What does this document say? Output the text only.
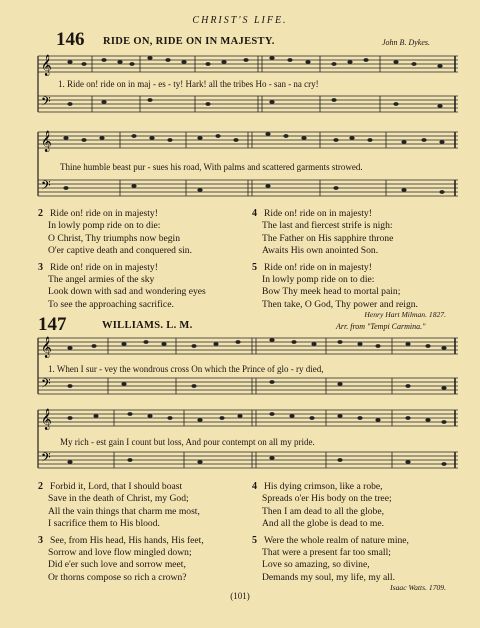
CHRIST'S LIFE.
146 RIDE ON, RIDE ON IN MAJESTY.	John B. Dykes.
𝄞
𝄢
1. Ride on! ride on in maj - es - ty! Hark! all the tribes Ho - san - na cry!
𝄞
𝄢
Thine humble beast pur - sues his road, With palms and scattered garments strowed.
2 Ride on! ride on in majesty!
In lowly pomp ride on to die:
O Christ, Thy triumphs now begin
O'er captive death and conquered sin.
3 Ride on! ride on in majesty!
The angel armies of the sky
Look down with sad and wondering eyes
To see the approaching sacrifice.
4 Ride on! ride on in majesty!
The last and fiercest strife is nigh:
The Father on His sapphire throne
Awaits His own anointed Son.
5 Ride on! ride on in majesty!
In lowly pomp ride on to die:
Bow Thy meek head to mortal pain;
Then take, O God, Thy power and reign.
Henry Hart Milman. 1827.
147	WILLIAMS. L. M.	Arr. from "Tempi Carmina."
𝄞
𝄢
1. When I sur - vey the wondrous cross On which the Prince of glo - ry died,
𝄞
𝄢
My rich - est gain I count but loss, And pour contempt on all my pride.
2 Forbid it, Lord, that I should boast
Save in the death of Christ, my God;
All the vain things that charm me most,
I sacrifice them to His blood.
3 See, from His head, His hands, His feet,
Sorrow and love flow mingled down;
Did e'er such love and sorrow meet,
Or thorns compose so rich a crown?
4 His dying crimson, like a robe,
Spreads o'er His body on the tree;
Then I am dead to all the globe,
And all the globe is dead to me.
5 Were the whole realm of nature mine,
That were a present far too small;
Love so amazing, so divine,
Demands my soul, my life, my all.
Isaac Watts. 1709.
(101)
